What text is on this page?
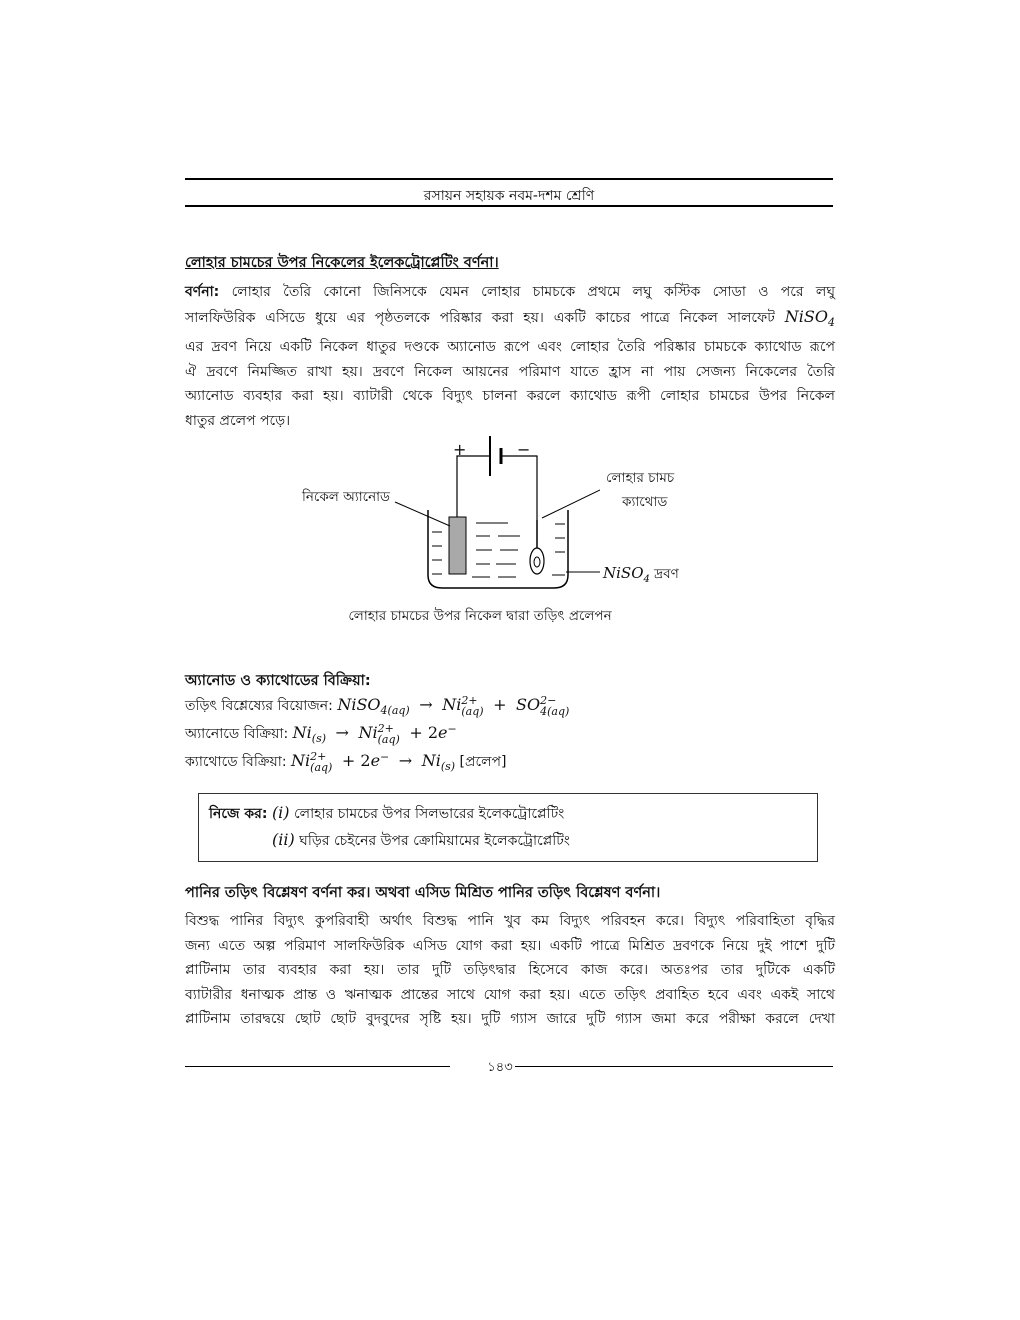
রসায়ন সহায়ক নবম-দশম শ্রেণি
লোহার চামচের উপর নিকেলের ইলেকট্রোপ্লেটিং বর্ণনা।
বর্ণনা: লোহার তৈরি কোনো জিনিসকে যেমন লোহার চামচকে প্রথমে লঘু কস্টিক সোডা ও পরে লঘু
সালফিউরিক এসিডে ধুয়ে এর পৃষ্ঠতলকে পরিষ্কার করা হয়। একটি কাচের পাত্রে নিকেল সালফেট NiSO$_4$
এর দ্রবণ নিয়ে একটি নিকেল ধাতুর দণ্ডকে অ্যানোড রূপে এবং লোহার তৈরি পরিষ্কার চামচকে ক্যাথোড রূপে
ঐ দ্রবণে নিমজ্জিত রাখা হয়। দ্রবণে নিকেল আয়নের পরিমাণ যাতে হ্রাস না পায় সেজন্য নিকেলের তৈরি
অ্যানোড ব্যবহার করা হয়। ব্যাটারী থেকে বিদ্যুৎ চালনা করলে ক্যাথোড রূপী লোহার চামচের উপর নিকেল
ধাতুর প্রলেপ পড়ে।
+	−
নিকেল অ্যানোড
লোহার চামচ
ক্যাথোড
NiSO$_4$ দ্রবণ
লোহার চামচের উপর নিকেল দ্বারা তড়িৎ প্রলেপন
অ্যানোড ও ক্যাথোডের বিক্রিয়া:
তড়িৎ বিশ্লেষ্যের বিয়োজন: NiSO$_{4(aq)}$  →  Ni 2+
(aq) +  SO 2−
4(aq)
অ্যানোডে বিক্রিয়া: $Ni_{(s)} \to Ni$ 2+
(aq) + 2e−
ক্যাথোডে বিক্রিয়া: Ni 2+
$(aq) + 2e^- \to Ni_{(s)}$ [প্রলেপ]
নিজে কর: (i) লোহার চামচের উপর সিলভারের ইলেকট্রোপ্লেটিং
(ii) ঘড়ির চেইনের উপর ক্রোমিয়ামের ইলেকট্রোপ্লেটিং
পানির তড়িৎ বিশ্লেষণ বর্ণনা কর। অথবা এসিড মিশ্রিত পানির তড়িৎ বিশ্লেষণ বর্ণনা।
বিশুদ্ধ পানির বিদ্যুৎ কুপরিবাহী অর্থাৎ বিশুদ্ধ পানি খুব কম বিদ্যুৎ পরিবহন করে। বিদ্যুৎ পরিবাহিতা বৃদ্ধির
জন্য এতে অল্প পরিমাণ সালফিউরিক এসিড যোগ করা হয়। একটি পাত্রে মিশ্রিত দ্রবণকে নিয়ে দুই পাশে দুটি
প্লাটিনাম তার ব্যবহার করা হয়। তার দুটি তড়িৎদ্বার হিসেবে কাজ করে। অতঃপর তার দুটিকে একটি
ব্যাটারীর ধনাত্মক প্রান্ত ও ঋনাত্মক প্রান্তের সাথে যোগ করা হয়। এতে তড়িৎ প্রবাহিত হবে এবং একই সাথে
প্লাটিনাম তারদ্বয়ে ছোট ছোট বুদবুদের সৃষ্টি হয়। দুটি গ্যাস জারে দুটি গ্যাস জমা করে পরীক্ষা করলে দেখা
১৪৩
